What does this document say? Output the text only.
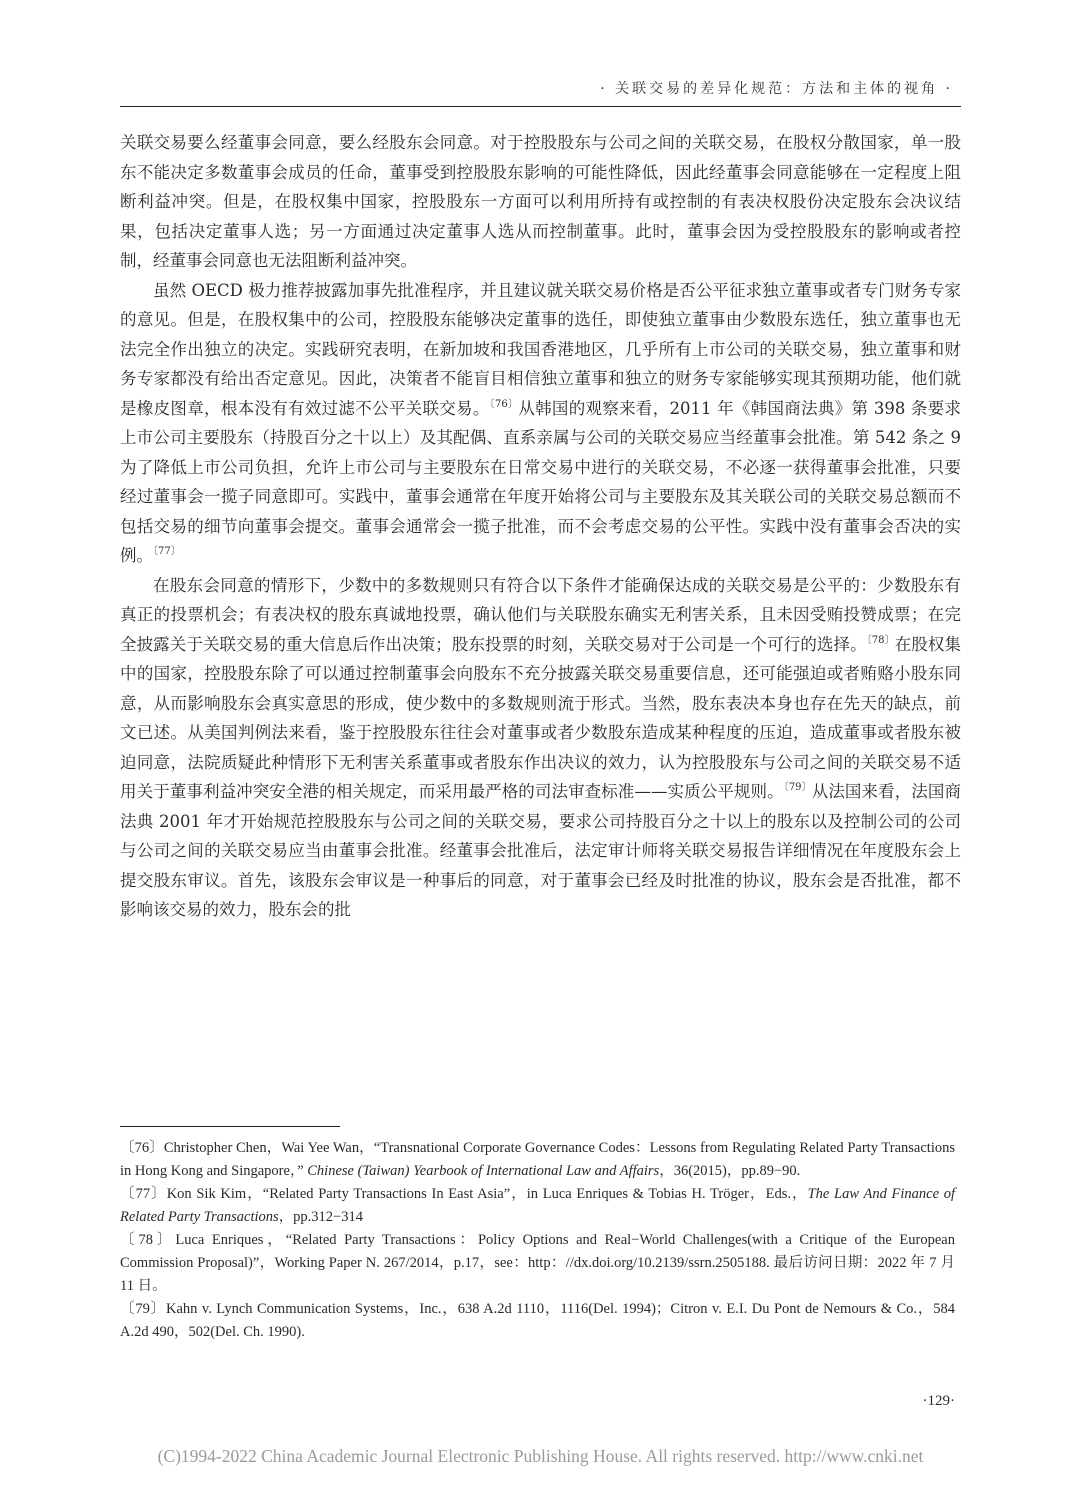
· 关联交易的差异化规范：方法和主体的视角 ·

关联交易要么经董事会同意，要么经股东会同意。对于控股股东与公司之间的关联交易，在股权分散国家，单一股东不能决定多数董事会成员的任命，董事受到控股股东影响的可能性降低，因此经董事会同意能够在一定程度上阻断利益冲突。但是，在股权集中国家，控股股东一方面可以利用所持有或控制的有表决权股份决定股东会决议结果，包括决定董事人选；另一方面通过决定董事人选从而控制董事。此时，董事会因为受控股股东的影响或者控制，经董事会同意也无法阻断利益冲突。

虽然 OECD 极力推荐披露加事先批准程序，并且建议就关联交易价格是否公平征求独立董事或者专门财务专家的意见。但是，在股权集中的公司，控股股东能够决定董事的选任，即使独立董事由少数股东选任，独立董事也无法完全作出独立的决定。实践研究表明，在新加坡和我国香港地区，几乎所有上市公司的关联交易，独立董事和财务专家都没有给出否定意见。因此，决策者不能盲目相信独立董事和独立的财务专家能够实现其预期功能，他们就是橡皮图章，根本没有有效过滤不公平关联交易。$^{〔76〕}$从韩国的观察来看，2011 年《韩国商法典》第 398 条要求上市公司主要股东（持股百分之十以上）及其配偶、直系亲属与公司的关联交易应当经董事会批准。第 542 条之 9 为了降低上市公司负担，允许上市公司与主要股东在日常交易中进行的关联交易，不必逐一获得董事会批准，只要经过董事会一揽子同意即可。实践中，董事会通常在年度开始将公司与主要股东及其关联公司的关联交易总额而不包括交易的细节向董事会提交。董事会通常会一揽子批准，而不会考虑交易的公平性。实践中没有董事会否决的实例。$^{〔77〕}$

在股东会同意的情形下，少数中的多数规则只有符合以下条件才能确保达成的关联交易是公平的：少数股东有真正的投票机会；有表决权的股东真诚地投票，确认他们与关联股东确实无利害关系，且未因受贿投赞成票；在完全披露关于关联交易的重大信息后作出决策；股东投票的时刻，关联交易对于公司是一个可行的选择。$^{〔78〕}$在股权集中的国家，控股股东除了可以通过控制董事会向股东不充分披露关联交易重要信息，还可能强迫或者贿赂小股东同意，从而影响股东会真实意思的形成，使少数中的多数规则流于形式。当然，股东表决本身也存在先天的缺点，前文已述。从美国判例法来看，鉴于控股股东往往会对董事或者少数股东造成某种程度的压迫，造成董事或者股东被迫同意，法院质疑此种情形下无利害关系董事或者股东作出决议的效力，认为控股股东与公司之间的关联交易不适用关于董事利益冲突安全港的相关规定，而采用最严格的司法审查标准——实质公平规则。$^{〔79〕}$从法国来看，法国商法典 2001 年才开始规范控股股东与公司之间的关联交易，要求公司持股百分之十以上的股东以及控制公司的公司与公司之间的关联交易应当由董事会批准。经董事会批准后，法定审计师将关联交易报告详细情况在年度股东会上提交股东审议。首先，该股东会审议是一种事后的同意，对于董事会已经及时批准的协议，股东会是否批准，都不影响该交易的效力，股东会的批

〔76〕Christopher Chen，Wai Yee Wan，“Transnational Corporate Governance Codes：Lessons from Regulating Related Party Transactions in Hong Kong and Singapore，” Chinese (Taiwan) Yearbook of International Law and Affairs，36(2015)，pp.89−90.

〔77〕Kon Sik Kim，“Related Party Transactions In East Asia”，in Luca Enriques & Tobias H. Tröger，Eds.，The Law And Finance of Related Party Transactions，pp.312−314

〔78〕Luca Enriques，“Related Party Transactions：Policy Options and Real−World Challenges(with a Critique of the European Commission Proposal)”，Working Paper N. 267/2014，p.17，see：http：//dx.doi.org/10.2139/ssrn.2505188. 最后访问日期：2022 年 7 月 11 日。

〔79〕Kahn v. Lynch Communication Systems，Inc.，638 A.2d 1110，1116(Del. 1994)；Citron v. E.I. Du Pont de Nemours & Co.，584 A.2d 490，502(Del. Ch. 1990).

·129·
(C)1994-2022 China Academic Journal Electronic Publishing House. All rights reserved. http://www.cnki.net
